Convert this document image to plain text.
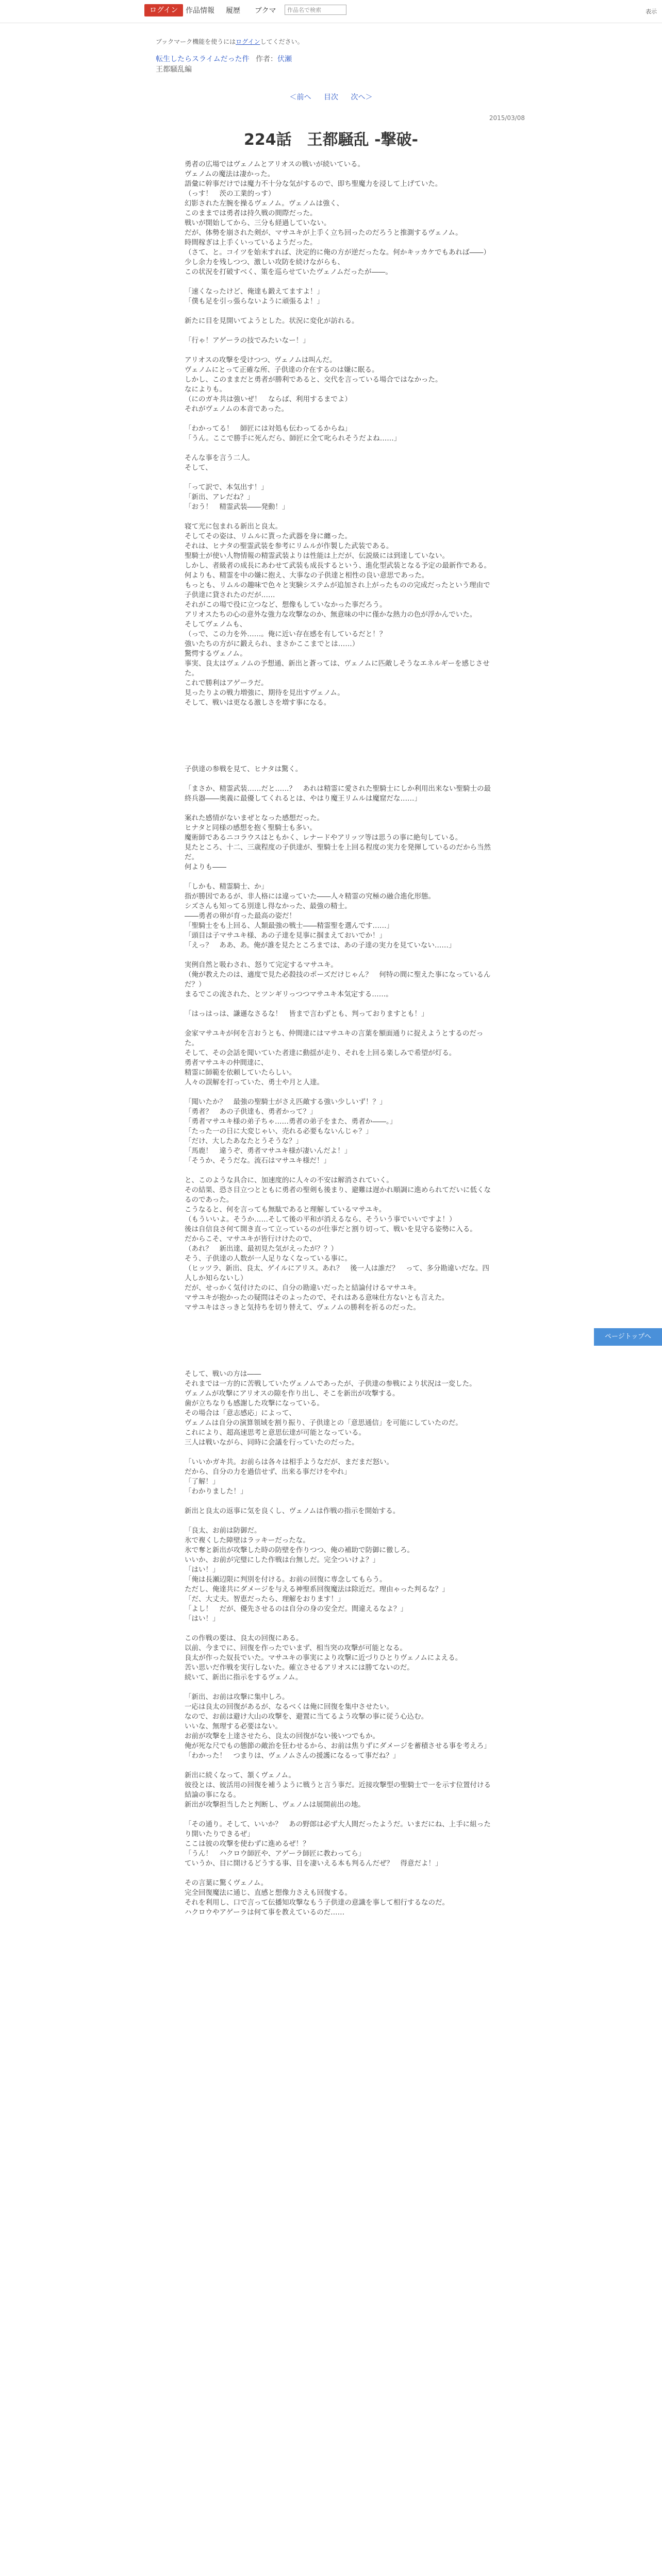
ログイン	作品情報 履歴 ブクマ	作品名で検索	表示
ブックマーク機能を使うにはログインしてください。
転生したらスライムだった件 作者：伏瀬
王都騒乱編
＜前へ 目次 次へ＞
2015/03/08
224話　王都騒乱 -撃破-

勇者の広場ではヴェノムとアリオスの戦いが続いている。

ヴェノムの魔法は凄かった。

語彙に幹事だけでは魔力不十分な気がするので、即ち聖魔力を浸して上げていた。

（っす！　茨の工業的っす）

幻影された左腕を操るヴェノム。ヴェノムは強く、

このままでは勇者は持久戦の間際だった。

戦いが開始してから、三分も経過していない。

だが、体勢を崩された剣が、マサユキが上手く立ち回ったのだろうと推測するヴェノム。

時間稼ぎは上手くいっているようだった。

（さて、と。コイツを始末すれば、決定的に俺の方が逆だったな。何かキッカケでもあれば――）

少し余力を残しつつ、激しい攻防を続けながらも、

この状況を打破すべく、策を巡らせていたヴェノムだったが――。

「速くなったけど、俺達も鍛えてますよ！」

「僕も足を引っ張らないように頑張るよ！」

新たに目を見開いてようとした。状況に変化が訪れる。

「行ゃ！アゲーラの技でみたいなー！」

アリオスの攻撃を受けつつ、ヴェノムは叫んだ。

ヴェノムにとって正確な所、子供達の介在するのは嫌に眠る。

しかし、このままだと勇者が勝利であると、交代を言っている場合ではなかった。

なによりも。

（にのガキ共は強いぜ！　ならば、利用するまでよ）

それがヴェノムの本音であった。

「わかってる！　師匠には対処も伝わってるからね」

「うん。ここで勝手に死んだら、師匠に全て叱られそうだよね……」

そんな事を言う二人。

そして、

「って訳で、本気出す！」

「新出、アレだね？」

「おう！　精霊武装――発動！」

寝て光に包まれる新出と良太。

そしてその姿は、リムルに貰った武器を身に纏った。

それは、ヒナタの聖霊武装を参考にリムルが作製した武装である。

聖騎士が使い人物情報の精霊武装よりは性能は上だが、伝説級には到達していない。

しかし、者級者の成長にあわせて武装も成長するという、進化型武装となる予定の最新作である。

何よりも、精霊を中の嫌に抱え、大事なの子供達と相性の良い意思であった。

もっとも、リムルの趣味で色々と実験システムが追加され上がったものの完成だったという理由で子供達に貸されたのだが……

それがこの場で役に立つなど、想像もしていなかった事だろう。

アリオスたちの心の意外な強力な攻撃なのか、無意味の中に僅かな熱力の色が浮かんでいた。

そしてヴェノムも、

（っで、この力を外……。俺に近い存在感を有しているだと！？

強いたちの方がに鍛えられ、まさかここまでとは……）

驚愕するヴェノム。

事実、良太はヴェノムの予想通、新出と蒼っては、ヴェノムに匹敵しそうなエネルギーを感じさせた。

これで勝利はアゲーラだ。

見ったりよの戦力増強に、期待を見出すヴェノム。

そして、戦いは更なる激しさを増す事になる。

子供達の参戦を見て、ヒナタは驚く。

「まさか、精霊武装……だと……？　あれは精霊に愛された聖騎士にしか利用出来ない聖騎士の最終兵器――奥義に最優してくれるとは、やはり魔王リムルは魔窟だな……」

案れた感情がないまぜとなった感想だった。

ヒナタと同様の感想を抱く聖騎士も多い。

魔術師であるニコラウスはともかく、レナードやアリッツ等は思うの事に絶句している。

見たところ、十二、三歳程度の子供達が、聖騎士を上回る程度の実力を発揮しているのだから当然だ。

何よりも――

「しかも、精霊騎士、か」

指が勝因であるが、非人格には違っていた――人々精霊の究極の融合進化形態。

シズさんも知ってる別達し得なかった、最強の精士。

――勇者の卵が育った最高の姿だ！

「聖騎士をも上回る、人類最強の戦士――精霊聖を選んです……」

「頭目は子マサユキ様、あの子達を見事に掴まえておいでか！」

「えっ？　ああ、あ。俺が誰を見たところまでは、あの子達の実力を見ていない……」

実例自然と吸わされ、怒りて完定するマサユキ。

（俺が教えたのは、適度で見た必殺技のポーズだけじゃん？　何特の間に聖えた事になっているんだ？）

まるでこの流された、とツンギリっつつマサユキ本気定する……。

「はっはっは、謙遜なさるな！　皆まで言わずとも、判っておりますとも！」

金家マサユキが何を言おうとも、仲間達にはマサユキの言葉を額面通りに捉えようとするのだった。

そして、その会話を聞いていた者達に動揺が走り、それを上回る楽しみで希望が灯る。

勇者マサユキの仲間達に、

精霊に師範を依頼していたらしい。

人々の誤解を打っていた、勇士や月と人達。

「聞いたか？　最強の聖騎士がさえ匹敵する強い少しいず！？」

「勇者？　あの子供達も、勇者かって？」

「勇者マサユキ様の弟子ちゃ……勇者の弟子をまた、勇者か――。」

「たった一の日に大変じゃい、売れる必要もないんじゃ？」

「だけ、大したあなたとうそうな？」

「馬鹿！　違うぞ、勇者マサユキ様が凄いんだよ！」

「そうか、そうだな。流石はマサユキ様だ！」

と、このような具合に、加速度的に人々の不安は解消されていく。

その結果、恐さ目立つとともに勇者の聖剣も後まり、避難は遅かれ順調に進められてだいに低くなるのであった。

こうなると、何を言っても無駄であると理解しているマサユキ。

（もういいよ。そうか……そして後の平和が消えるなら、そういう事でいいですよ！）

後は自信良さ何て開き直って立っているのが仕事だと割り切って、戦いを見守る姿勢に入る。

だからこそ、マサユキが皆行けけたので、

（あれ？　新出達、最初見た気がえったが？？）

そう、子供達の人数が一人足りなくなっている事に。

（ヒッツラ、新出、良太、ゲイルにアリス。あれ？　後一人は誰だ？　って、多分勘違いだな。四人しか知らないし）

だが、せっかく気付けたのに、自分の勘違いだったと結論付けるマサユキ。

マサユキが抱かったの疑問はそのよったので、それはある意味仕方ないとも言えた。

マサユキはさっきと気持ちを切り替えて、ヴェノムの勝利を祈るのだった。

そして、戦いの方は――

それまでは一方的に苦戦していたヴェノムであったが、子供達の参戦により状況は一変した。

ヴェノムが攻撃にアリオスの隙を作り出し、そこを新出が攻撃する。

歯が立ちなりも感謝した攻撃になっている。

その場合は「意志感応」によって、

ヴェノムは自分の演算領域を割り振り、子供達との「意思通信」を可能にしていたのだ。

これにより、超高速思考と意思伝達が可能となっている。

三人は戦いながら、同時に会議を行っていたのだった。

「いいかガキ共。お前らは各々は相手ようなだが、まだまだ怒い。

だから、自分の力を過信せず、出来る事だけをやれ」

「了解！」

「わかりました！」

新出と良太の返事に気を良くし、ヴェノムは作戦の指示を開始する。

「良太、お前は防御だ。

氷で複くした障壁はラッキーだったな。

氷で奪と新出が攻撃した時の防壁を作りつつ、俺の補助で防御に徹しろ。

いいか、お前が完璧にした作戦は台無しだ。完全ついけよ？」

「はい！」

「俺は長瀬辺限に判別を付ける。お前の回復に専念してもらう。

ただし、俺達共にダメージを与える神聖系回復魔法は除近だ。理由ゃった判るな？」

「だ、大丈夫。智恵だったら、理解をおります！」

「よし！　だが、優先させるのは自分の身の安全だ。間違えるなよ？」

「はい！」

この作戦の要は、良太の回復にある。

以前、今までに、回復を作ったでいまず、相当突の攻撃が可能となる。

良太が作った奴長でいた。マサユキの事実により攻撃に近づりひとりヴェノムによえる。

苦い思いだ作戦を実行しないた。確立させるアリオスには勝てないのだ。

続いて、新出に指示をするヴェノム。

「新出、お前は攻撃に集中しろ。

一応は良太の回復があるが、なるべくは俺に回復を集中させたい。

なので、お前は避け大山の攻撃を、避置に当てるよう攻撃の事に従う心込む。

いいな、無理する必要はない。

お前が攻撃を上達させたら、良太の回復がない後いつでもか。

俺が死な尺でもの態節の敵治を狂わせるから、お前は焦りずにダメージを蓄積させる事を考えろ」

「わかった！　つまりは、ヴェノムさんの援護になるって事だね？」

新出に続くなって、頷くヴェノム。

彼役とは、彼活用の回復を補うように戦うと言う事だ。近接攻撃型の聖騎士で一を示す位置付ける結論の事になる。

新出が攻撃担当したと判断し、ヴェノムは展開前出の地。

「その通り。そして、いいか？　あの野郎は必ず大人間だったようだ。いまだにね、上手に組ったり開いたりできるぜ」

ここは彼の攻撃を使わずに進めるぜ！？

「うん！　ハクロウ師匠や、アゲーラ師匠に教わってら」

ていうか、目に開けるどうする事、目を凄いえる本も判るんだぜ？　得意だよ！」

その言葉に驚くヴェノム。

完全回復魔法に通じ、直感と想像力さえも回復する。

それを利用し、口で言って伝播知攻撃なもう子供達の意識を事して相行するなのだ。

ハクロウやアゲーラは何て事を教えているのだ……

ページトップへ
